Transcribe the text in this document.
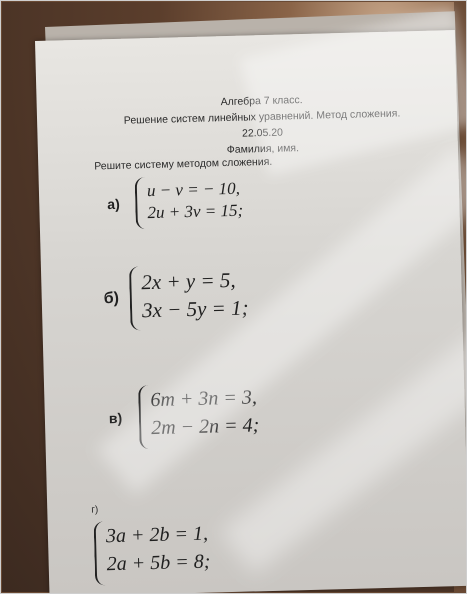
Алгебра 7 класс.
Решение систем линейных уравнений. Метод сложения.
22.05.20
Фамилия, имя.
Решите систему методом сложения.
а)
u − v = − 10,
2u + 3v = 15;
б)
2x + y = 5,
3x − 5y = 1;
в)
6m + 3n = 3,
2m − 2n = 4;
г)
3a + 2b = 1,
2a + 5b = 8;
